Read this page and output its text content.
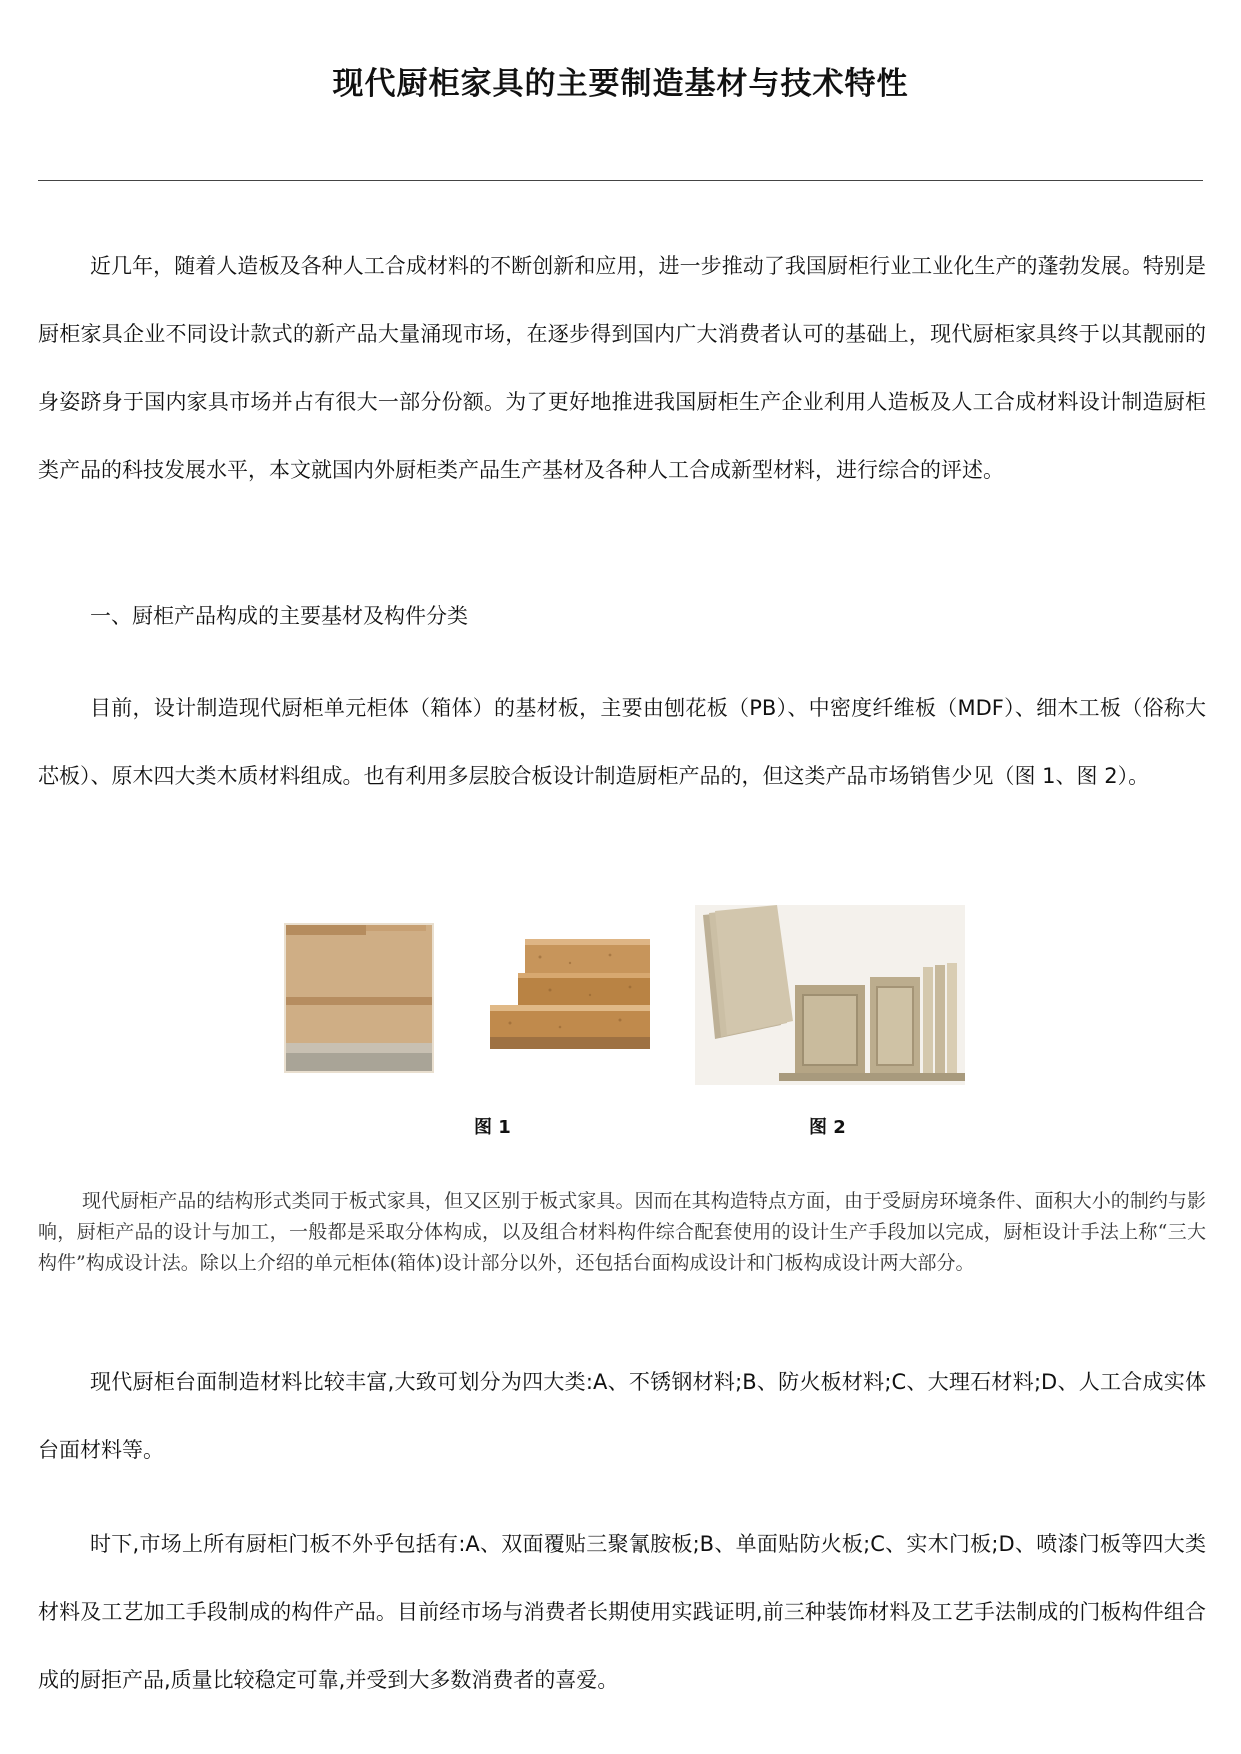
现代厨柜家具的主要制造基材与技术特性

近几年，随着人造板及各种人工合成材料的不断创新和应用，进一步推动了我国厨柜行业工业化生产的蓬勃发展。特别是厨柜家具企业不同设计款式的新产品大量涌现市场，在逐步得到国内广大消费者认可的基础上，现代厨柜家具终于以其靓丽的身姿跻身于国内家具市场并占有很大一部分份额。为了更好地推进我国厨柜生产企业利用人造板及人工合成材料设计制造厨柜类产品的科技发展水平，本文就国内外厨柜类产品生产基材及各种人工合成新型材料，进行综合的评述。

一、厨柜产品构成的主要基材及构件分类

目前，设计制造现代厨柜单元柜体（箱体）的基材板，主要由刨花板（PB）、中密度纤维板（MDF）、细木工板（俗称大芯板）、原木四大类木质材料组成。也有利用多层胶合板设计制造厨柜产品的，但这类产品市场销售少见（图 1、图 2）。

图 1	图 2

现代厨柜产品的结构形式类同于板式家具，但又区别于板式家具。因而在其构造特点方面，由于受厨房环境条件、面积大小的制约与影响，厨柜产品的设计与加工，一般都是采取分体构成，以及组合材料构件综合配套使用的设计生产手段加以完成，厨柜设计手法上称“三大构件”构成设计法。除以上介绍的单元柜体(箱体)设计部分以外，还包括台面构成设计和门板构成设计两大部分。

现代厨柜台面制造材料比较丰富,大致可划分为四大类:A、不锈钢材料;B、防火板材料;C、大理石材料;D、人工合成实体台面材料等。

时下,市场上所有厨柜门板不外乎包括有:A、双面覆贴三聚氰胺板;B、单面贴防火板;C、实木门板;D、喷漆门板等四大类材料及工艺加工手段制成的构件产品。目前经市场与消费者长期使用实践证明,前三种装饰材料及工艺手法制成的门板构件组合成的厨拒产品,质量比较稳定可靠,并受到大多数消费者的喜爱。
